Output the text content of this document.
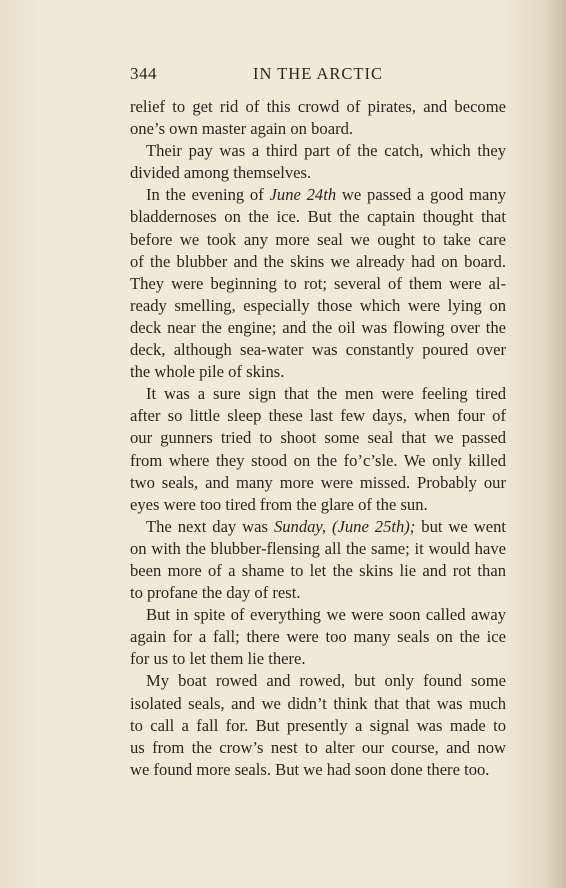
344	IN THE ARCTIC
relief to get rid of this crowd of pirates, and become
one’s own master again on board.
Their pay was a third part of the catch, which they
divided among themselves.
In the evening of June 24th we passed a good many
bladdernoses on the ice. But the captain thought that
before we took any more seal we ought to take care
of the blubber and the skins we already had on board.
They were beginning to rot; several of them were al-
ready smelling, especially those which were lying on
deck near the engine; and the oil was flowing over the
deck, although sea-water was constantly poured over
the whole pile of skins.
It was a sure sign that the men were feeling tired
after so little sleep these last few days, when four of
our gunners tried to shoot some seal that we passed
from where they stood on the fo’c’sle. We only killed
two seals, and many more were missed. Probably our
eyes were too tired from the glare of the sun.
The next day was Sunday, (June 25th); but we went
on with the blubber-flensing all the same; it would have
been more of a shame to let the skins lie and rot than
to profane the day of rest.
But in spite of everything we were soon called away
again for a fall; there were too many seals on the ice
for us to let them lie there.
My boat rowed and rowed, but only found some
isolated seals, and we didn’t think that that was much
to call a fall for. But presently a signal was made to
us from the crow’s nest to alter our course, and now
we found more seals. But we had soon done there too.
